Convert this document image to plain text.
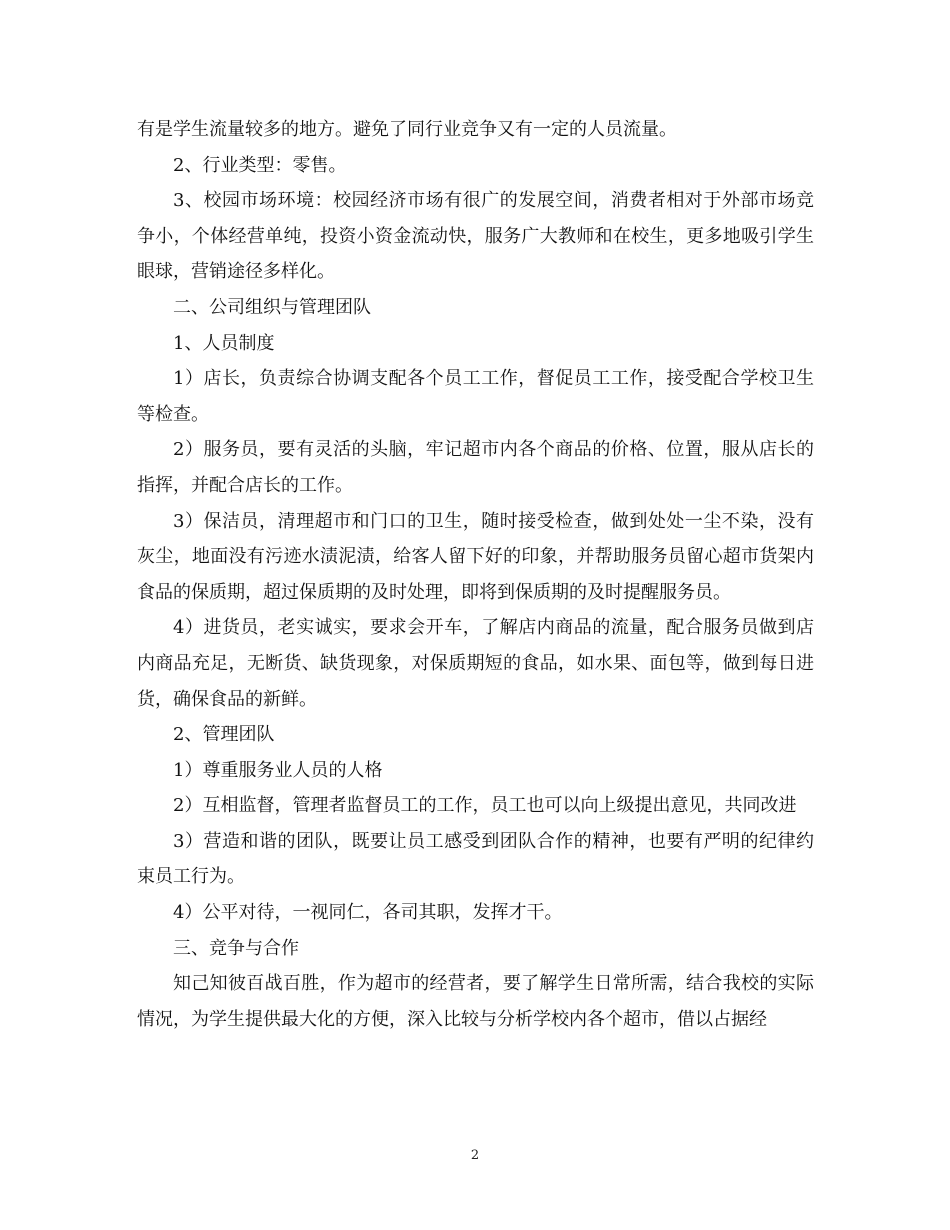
有是学生流量较多的地方。避免了同行业竞争又有一定的人员流量。

2、行业类型：零售。

3、校园市场环境：校园经济市场有很广的发展空间，消费者相对于外部市场竞争小，个体经营单纯，投资小资金流动快，服务广大教师和在校生，更多地吸引学生眼球，营销途径多样化。

二、公司组织与管理团队

1、人员制度

1）店长，负责综合协调支配各个员工工作，督促员工工作，接受配合学校卫生等检查。

2）服务员，要有灵活的头脑，牢记超市内各个商品的价格、位置，服从店长的指挥，并配合店长的工作。

3）保洁员，清理超市和门口的卫生，随时接受检查，做到处处一尘不染，没有灰尘，地面没有污迹水渍泥渍，给客人留下好的印象，并帮助服务员留心超市货架内食品的保质期，超过保质期的及时处理，即将到保质期的及时提醒服务员。

4）进货员，老实诚实，要求会开车，了解店内商品的流量，配合服务员做到店内商品充足，无断货、缺货现象，对保质期短的食品，如水果、面包等，做到每日进货，确保食品的新鲜。

2、管理团队

1）尊重服务业人员的人格

2）互相监督，管理者监督员工的工作，员工也可以向上级提出意见，共同改进

3）营造和谐的团队，既要让员工感受到团队合作的精神，也要有严明的纪律约束员工行为。

4）公平对待，一视同仁，各司其职，发挥才干。

三、竞争与合作

知己知彼百战百胜，作为超市的经营者，要了解学生日常所需，结合我校的实际情况，为学生提供最大化的方便，深入比较与分析学校内各个超市，借以占据经

2
